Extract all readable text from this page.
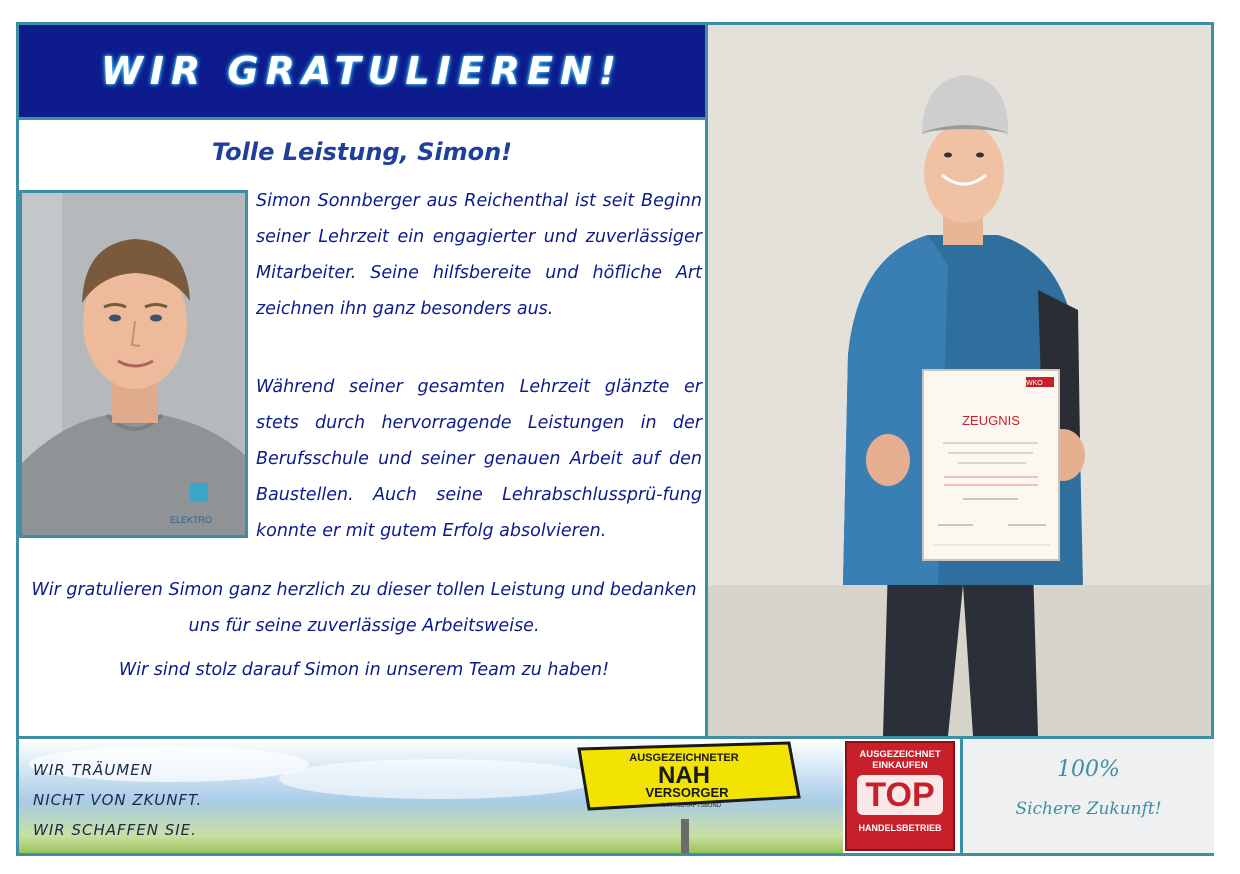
WIR GRATULIEREN!
Tolle Leistung, Simon!
ELEKTRO

Simon Sonnberger aus Reichenthal ist seit Beginn seiner Lehrzeit ein engagierter und zuverlässiger Mitarbeiter. Seine hilfsbereite und höfliche Art zeichnen ihn ganz besonders aus.

Während seiner gesamten Lehrzeit glänzte er stets durch hervorragende Leistungen in der Berufsschule und seiner genauen Arbeit auf den Baustellen. Auch seine Lehrabschlussprü-fung konnte er mit gutem Erfolg absolvieren.

Wir gratulieren Simon ganz herzlich zu dieser tollen Leistung und bedanken uns für seine zuverlässige Arbeitsweise.

Wir sind stolz darauf Simon in unserem Team zu haben!

WKO
ZEUGNIS
AUSGEZEICHNETER
NAH
VERSORGER
WIRTSCHAFTSBUND
WIR TRÄUMEN
NICHT VON ZKUNFT.
WIR SCHAFFEN SIE.
AUSGEZEICHNET
EINKAUFEN
TOP
HANDELSBETRIEB
100%
Sichere Zukunft!
